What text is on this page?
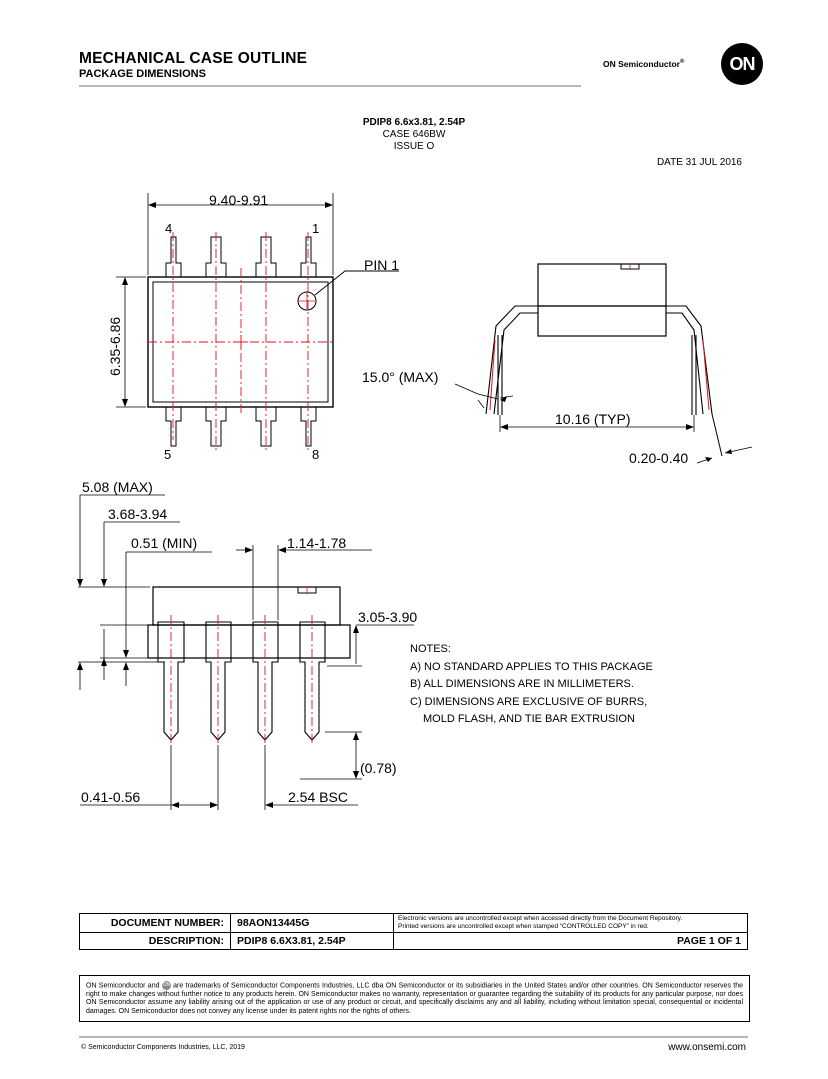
MECHANICAL CASE OUTLINE
PACKAGE DIMENSIONS
ON Semiconductor®	ON
PDIP8 6.6x3.81, 2.54P
CASE 646BW
ISSUE O
DATE 31 JUL 2016
9.40-9.91
6.35-6.86
PIN 1
4	1
5	8
15.0° (MAX)
10.16 (TYP)
0.20-0.40
5.08 (MAX)
3.68-3.94
0.51 (MIN)	1.14-1.78
3.05-3.90
(0.78)
0.41-0.56	2.54 BSC
NOTES:
A) NO STANDARD APPLIES TO THIS PACKAGE
B) ALL DIMENSIONS ARE IN MILLIMETERS.
C) DIMENSIONS ARE EXCLUSIVE OF BURRS,
MOLD FLASH, AND TIE BAR EXTRUSION
DOCUMENT NUMBER:	98AON13445G	Electronic versions are uncontrolled except when accessed directly from the Document Repository.
Printed versions are uncontrolled except when stamped “CONTROLLED COPY” in red.

DESCRIPTION:	PDIP8 6.6X3.81, 2.54P	PAGE 1 OF 1
ON Semiconductor and ON are trademarks of Semiconductor Components Industries, LLC dba ON Semiconductor or its subsidiaries in the United States and/or other countries. ON Semiconductor reserves the right to make changes without further notice to any products herein. ON Semiconductor makes no warranty, representation or guarantee regarding the suitability of its products for any particular purpose, nor does ON Semiconductor assume any liability arising out of the application or use of any product or circuit, and specifically disclaims any and all liability, including without limitation special, consequential or incidental damages. ON Semiconductor does not convey any license under its patent rights nor the rights of others.
© Semiconductor Components Industries, LLC, 2019	www.onsemi.com
